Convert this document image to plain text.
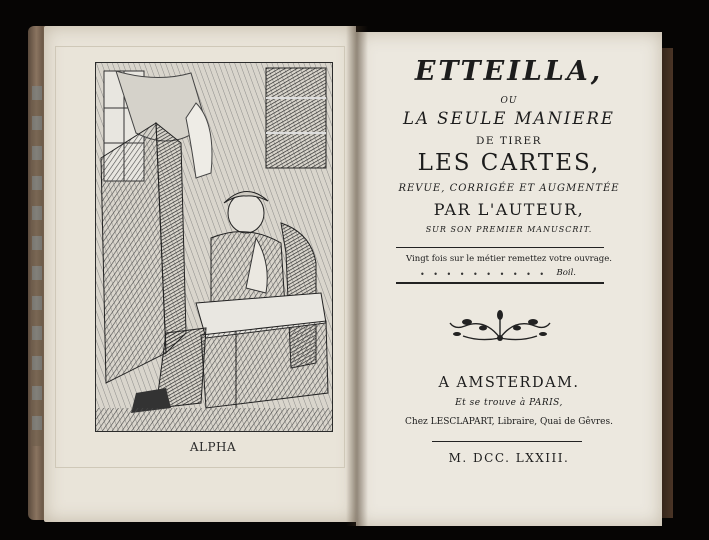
ALPHA
ETTEILLA,
OU
LA SEULE MANIERE
DE TIRER
LES CARTES,
REVUE, CORRIGÉE ET AUGMENTÉE
PAR L'AUTEUR,
SUR SON PREMIER MANUSCRIT.
Vingt fois sur le métier remettez votre ouvrage.
• • • • • • • • • •	Boil.
A AMSTERDAM.
Et se trouve à PARIS,
Chez LESCLAPART, Libraire, Quai de Gêvres.
M. DCC. LXXIII.
